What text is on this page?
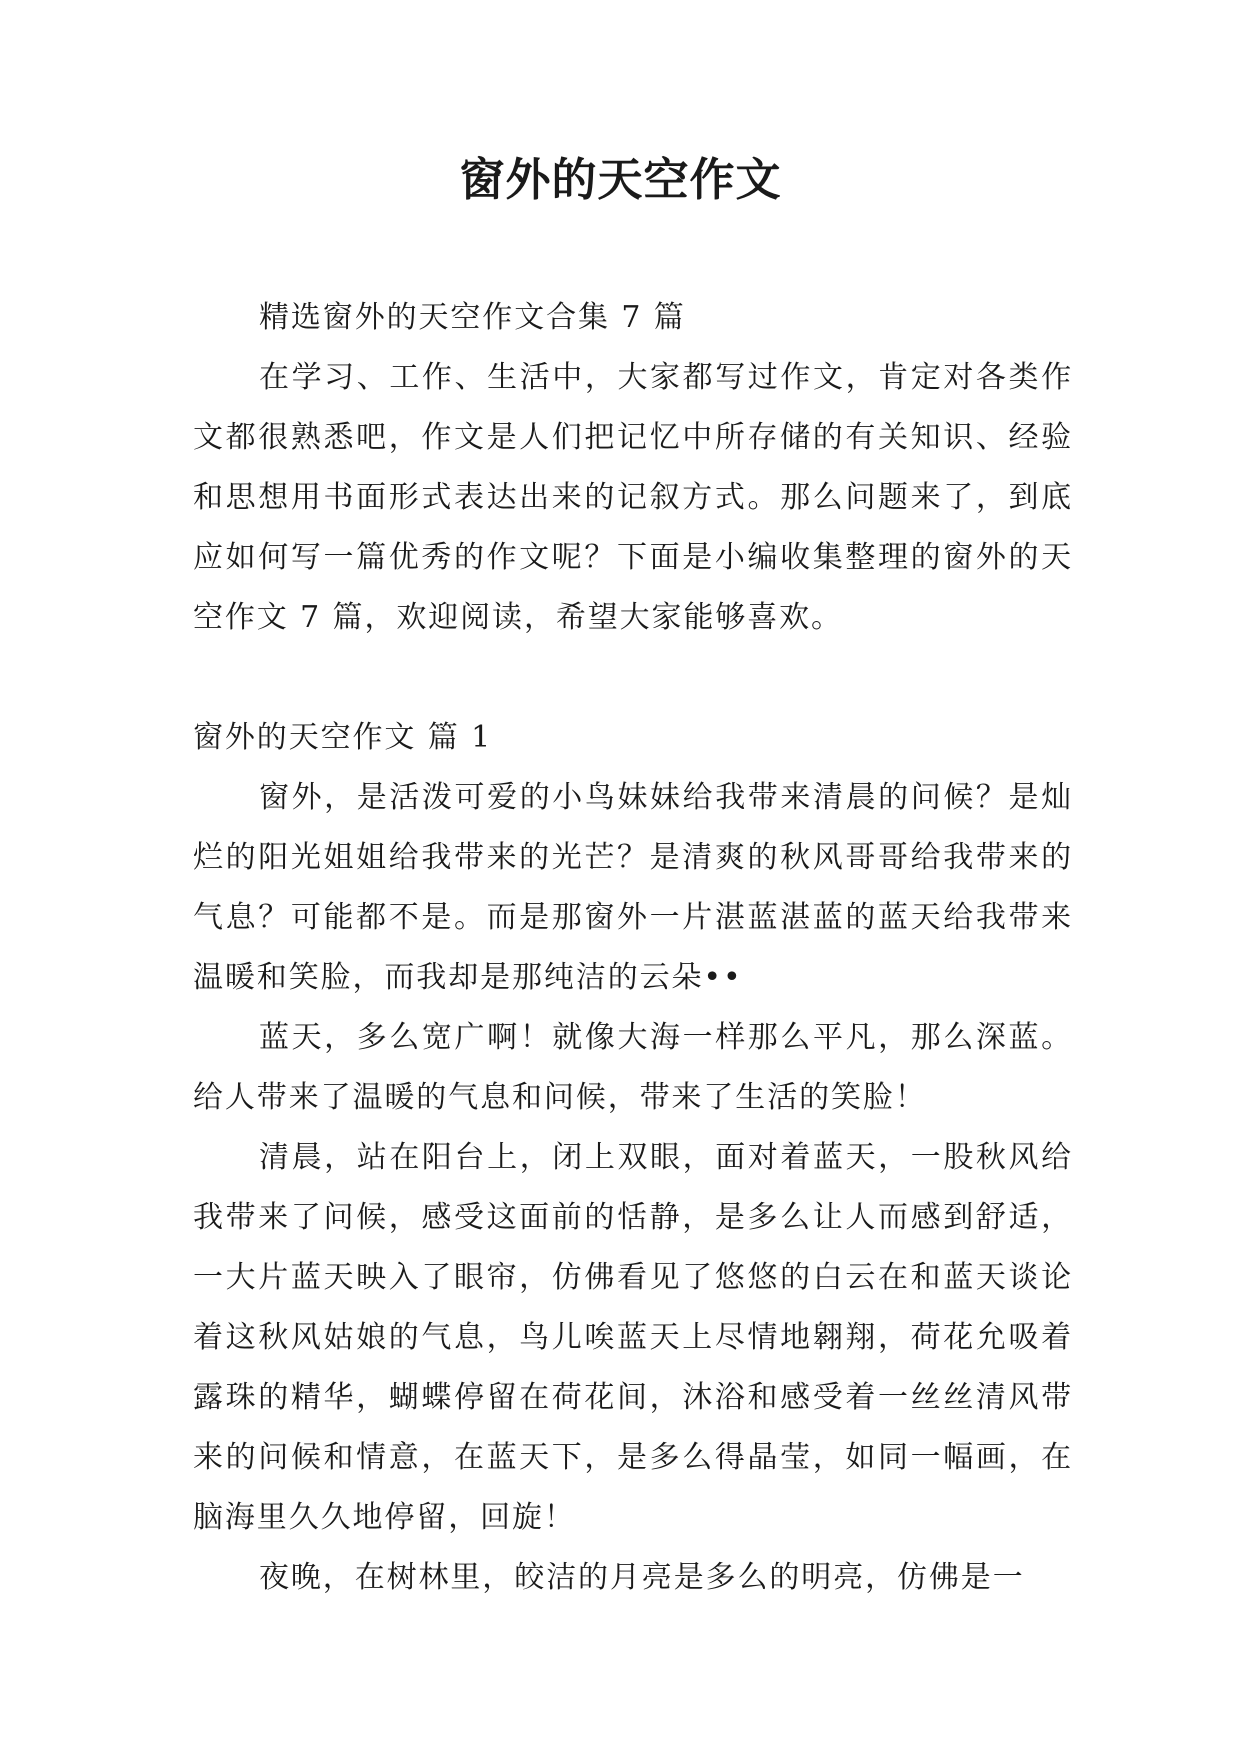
窗外的天空作文

精选窗外的天空作文合集 7 篇

在学习、工作、生活中，大家都写过作文，肯定对各类作文都很熟悉吧，作文是人们把记忆中所存储的有关知识、经验和思想用书面形式表达出来的记叙方式。那么问题来了，到底应如何写一篇优秀的作文呢？下面是小编收集整理的窗外的天空作文 7 篇，欢迎阅读，希望大家能够喜欢。

窗外的天空作文 篇 1

窗外，是活泼可爱的小鸟妹妹给我带来清晨的问候？是灿烂的阳光姐姐给我带来的光芒？是清爽的秋风哥哥给我带来的气息？可能都不是。而是那窗外一片湛蓝湛蓝的蓝天给我带来温暖和笑脸，而我却是那纯洁的云朵••

蓝天，多么宽广啊！就像大海一样那么平凡，那么深蓝。给人带来了温暖的气息和问候，带来了生活的笑脸！

清晨，站在阳台上，闭上双眼，面对着蓝天，一股秋风给我带来了问候，感受这面前的恬静，是多么让人而感到舒适，一大片蓝天映入了眼帘，仿佛看见了悠悠的白云在和蓝天谈论着这秋风姑娘的气息，鸟儿唉蓝天上尽情地翱翔，荷花允吸着露珠的精华，蝴蝶停留在荷花间，沐浴和感受着一丝丝清风带来的问候和情意，在蓝天下，是多么得晶莹，如同一幅画，在脑海里久久地停留，回旋！

夜晚，在树林里，皎洁的月亮是多么的明亮，仿佛是一
